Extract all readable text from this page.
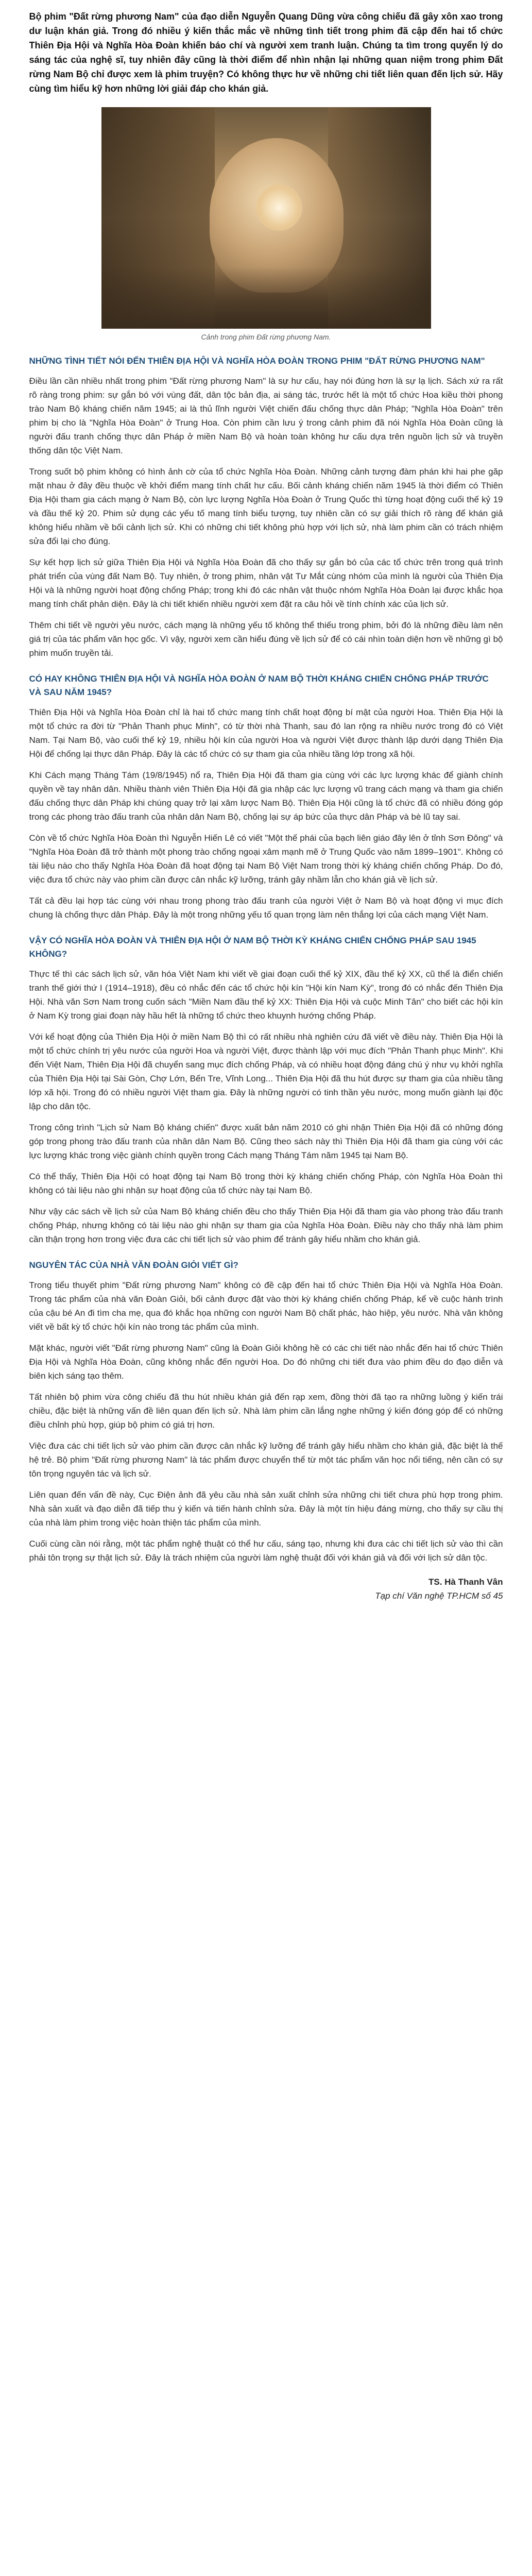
Bộ phim "Đất rừng phương Nam" của đạo diễn Nguyễn Quang Dũng vừa công chiếu đã gây xôn xao trong dư luận khán giả. Trong đó nhiều ý kiến thắc mắc về những tình tiết trong phim đã cập đến hai tổ chức Thiên Địa Hội và Nghĩa Hòa Đoàn khiến báo chí và người xem tranh luận. Chúng ta tìm trong quyển lý do sáng tác của nghệ sĩ, tuy nhiên đây cũng là thời điểm để nhìn nhận lại những quan niệm trong phim Đất rừng Nam Bộ chỉ được xem là phim truyện? Có không thực hư về những chi tiết liên quan đến lịch sử. Hãy cùng tìm hiểu kỹ hơn những lời giải đáp cho khán giả.

Cảnh trong phim Đất rừng phương Nam.
NHỮNG TÌNH TIẾT NÓI ĐẾN THIÊN ĐỊA HỘI VÀ NGHĨA HÒA ĐOÀN TRONG PHIM "ĐẤT RỪNG PHƯƠNG NAM"

Điều lần cần nhiều nhất trong phim "Đất rừng phương Nam" là sự hư cấu, hay nói đúng hơn là sự lạ lịch. Sách xứ ra rất rõ ràng trong phim: sự gắn bó với vùng đất, dân tộc bản địa, ai sáng tác, trước hết là một tổ chức Hoa kiều thời phong trào Nam Bộ kháng chiến năm 1945; ai là thủ lĩnh người Việt chiến đấu chống thực dân Pháp; "Nghĩa Hòa Đoàn" trên phim bị cho là "Nghĩa Hòa Đoàn" ở Trung Hoa. Còn phim cần lưu ý trong cảnh phim đã nói Nghĩa Hòa Đoàn cũng là người đấu tranh chống thực dân Pháp ở miền Nam Bộ và hoàn toàn không hư cấu dựa trên nguồn lịch sử và truyền thống dân tộc Việt Nam.

Trong suốt bộ phim không có hình ảnh cờ của tổ chức Nghĩa Hòa Đoàn. Những cảnh tượng đàm phán khi hai phe găp mặt nhau ở đây đều thuộc về khởi điểm mang tính chất hư cấu. Bối cảnh kháng chiến năm 1945 là thời điểm có Thiên Địa Hội tham gia cách mạng ở Nam Bộ, còn lực lượng Nghĩa Hòa Đoàn ở Trung Quốc thì từng hoạt động cuối thế kỷ 19 và đầu thế kỷ 20. Phim sử dụng các yếu tố mang tính biểu tượng, tuy nhiên cần có sự giải thích rõ ràng để khán giả không hiểu nhầm về bối cảnh lịch sử. Khi có những chi tiết không phù hợp với lịch sử, nhà làm phim cần có trách nhiệm sửa đổi lại cho đúng.

Sự kết hợp lịch sử giữa Thiên Địa Hội và Nghĩa Hòa Đoàn đã cho thấy sự gắn bó của các tổ chức trên trong quá trình phát triển của vùng đất Nam Bộ. Tuy nhiên, ở trong phim, nhân vật Tư Mắt cùng nhóm của mình là người của Thiên Địa Hội và là những người hoạt động chống Pháp; trong khi đó các nhân vật thuộc nhóm Nghĩa Hòa Đoàn lại được khắc họa mang tính chất phản diện. Đây là chi tiết khiến nhiều người xem đặt ra câu hỏi về tính chính xác của lịch sử.

Thêm chi tiết về người yêu nước, cách mạng là những yếu tố không thể thiếu trong phim, bởi đó là những điều làm nên giá trị của tác phẩm văn học gốc. Vì vậy, người xem cần hiểu đúng về lịch sử để có cái nhìn toàn diện hơn về những gì bộ phim muốn truyền tải.

CÓ HAY KHÔNG THIÊN ĐỊA HỘI VÀ NGHĨA HÒA ĐOÀN Ở NAM BỘ THỜI KHÁNG CHIẾN CHỐNG PHÁP TRƯỚC VÀ SAU NĂM 1945?

Thiên Địa Hội và Nghĩa Hòa Đoàn chỉ là hai tổ chức mang tính chất hoạt động bí mật của người Hoa. Thiên Địa Hội là một tổ chức ra đời từ "Phản Thanh phục Minh", có từ thời nhà Thanh, sau đó lan rộng ra nhiều nước trong đó có Việt Nam. Tại Nam Bộ, vào cuối thế kỷ 19, nhiều hội kín của người Hoa và người Việt được thành lập dưới dạng Thiên Địa Hội để chống lại thực dân Pháp. Đây là các tổ chức có sự tham gia của nhiều tầng lớp trong xã hội.

Khi Cách mạng Tháng Tám (19/8/1945) nổ ra, Thiên Địa Hội đã tham gia cùng với các lực lượng khác để giành chính quyền về tay nhân dân. Nhiều thành viên Thiên Địa Hội đã gia nhập các lực lượng vũ trang cách mạng và tham gia chiến đấu chống thực dân Pháp khi chúng quay trở lại xâm lược Nam Bộ. Thiên Địa Hội cũng là tổ chức đã có nhiều đóng góp trong các phong trào đấu tranh của nhân dân Nam Bộ, chống lại sự áp bức của thực dân Pháp và bè lũ tay sai.

Còn về tổ chức Nghĩa Hòa Đoàn thì Nguyễn Hiến Lê có viết "Một thế phái của bạch liên giáo đây lên ở tỉnh Sơn Đông" và "Nghĩa Hòa Đoàn đã trở thành một phong trào chống ngoại xâm mạnh mẽ ở Trung Quốc vào năm 1899–1901". Không có tài liệu nào cho thấy Nghĩa Hòa Đoàn đã hoạt động tại Nam Bộ Việt Nam trong thời kỳ kháng chiến chống Pháp. Do đó, việc đưa tổ chức này vào phim cần được cân nhắc kỹ lưỡng, tránh gây nhầm lẫn cho khán giả về lịch sử.

Tất cả đều lại hợp tác cùng với nhau trong phong trào đấu tranh của người Việt ở Nam Bộ và hoạt động vì mục đích chung là chống thực dân Pháp. Đây là một trong những yếu tố quan trọng làm nên thắng lợi của cách mạng Việt Nam.

VẬY CÓ NGHĨA HÒA ĐOÀN VÀ THIÊN ĐỊA HỘI Ở NAM BỘ THỜI KỲ KHÁNG CHIẾN CHỐNG PHÁP SAU 1945 KHÔNG?

Thực tế thì các sách lịch sử, văn hóa Việt Nam khi viết về giai đoạn cuối thế kỷ XIX, đầu thế kỷ XX, cũ thể là điển chiến tranh thế giới thứ I (1914–1918), đều có nhắc đến các tổ chức hội kín "Hội kín Nam Kỳ", trong đó có nhắc đến Thiên Địa Hội. Nhà văn Sơn Nam trong cuốn sách "Miền Nam đầu thế kỷ XX: Thiên Địa Hội và cuộc Minh Tân" cho biết các hội kín ở Nam Kỳ trong giai đoạn này hầu hết là những tổ chức theo khuynh hướng chống Pháp.

Với kể hoạt động của Thiên Địa Hội ở miền Nam Bộ thì có rất nhiều nhà nghiên cứu đã viết về điều này. Thiên Địa Hội là một tổ chức chính trị yêu nước của người Hoa và người Việt, được thành lập với mục đích "Phản Thanh phục Minh". Khi đến Việt Nam, Thiên Địa Hội đã chuyển sang mục đích chống Pháp, và có nhiều hoạt động đáng chú ý như vụ khởi nghĩa của Thiên Địa Hội tại Sài Gòn, Chợ Lớn, Bến Tre, Vĩnh Long... Thiên Địa Hội đã thu hút được sự tham gia của nhiều tầng lớp xã hội. Trong đó có nhiều người Việt tham gia. Đây là những người có tinh thần yêu nước, mong muốn giành lại độc lập cho dân tộc.

Trong công trình "Lịch sử Nam Bộ kháng chiến" được xuất bản năm 2010 có ghi nhận Thiên Địa Hội đã có những đóng góp trong phong trào đấu tranh của nhân dân Nam Bộ. Cũng theo sách này thì Thiên Địa Hội đã tham gia cùng với các lực lượng khác trong việc giành chính quyền trong Cách mạng Tháng Tám năm 1945 tại Nam Bộ.

Có thể thấy, Thiên Địa Hội có hoạt động tại Nam Bộ trong thời kỳ kháng chiến chống Pháp, còn Nghĩa Hòa Đoàn thì không có tài liệu nào ghi nhận sự hoạt động của tổ chức này tại Nam Bộ.

Như vậy các sách về lịch sử của Nam Bộ kháng chiến đều cho thấy Thiên Địa Hội đã tham gia vào phong trào đấu tranh chống Pháp, nhưng không có tài liệu nào ghi nhận sự tham gia của Nghĩa Hòa Đoàn. Điều này cho thấy nhà làm phim cần thận trọng hơn trong việc đưa các chi tiết lịch sử vào phim để tránh gây hiểu nhầm cho khán giả.

NGUYÊN TÁC CỦA NHÀ VĂN ĐOÀN GIỎI VIẾT GÌ?

Trong tiểu thuyết phim "Đất rừng phương Nam" không có đề cập đến hai tổ chức Thiên Địa Hội và Nghĩa Hòa Đoàn. Trong tác phẩm của nhà văn Đoàn Giỏi, bối cảnh được đặt vào thời kỳ kháng chiến chống Pháp, kể về cuộc hành trình của cậu bé An đi tìm cha mẹ, qua đó khắc họa những con người Nam Bộ chất phác, hào hiệp, yêu nước. Nhà văn không viết về bất kỳ tổ chức hội kín nào trong tác phẩm của mình.

Mặt khác, người viết "Đất rừng phương Nam" cũng là Đoàn Giỏi không hề có các chi tiết nào nhắc đến hai tổ chức Thiên Địa Hội và Nghĩa Hòa Đoàn, cũng không nhắc đến người Hoa. Do đó những chi tiết đưa vào phim đều do đạo diễn và biên kịch sáng tạo thêm.

Tất nhiên bộ phim vừa công chiếu đã thu hút nhiều khán giả đến rạp xem, đồng thời đã tạo ra những luồng ý kiến trái chiều, đặc biệt là những vấn đề liên quan đến lịch sử. Nhà làm phim cần lắng nghe những ý kiến đóng góp để có những điều chỉnh phù hợp, giúp bộ phim có giá trị hơn.

Việc đưa các chi tiết lịch sử vào phim cần được cân nhắc kỹ lưỡng để tránh gây hiểu nhầm cho khán giả, đặc biệt là thế hệ trẻ. Bộ phim "Đất rừng phương Nam" là tác phẩm được chuyển thể từ một tác phẩm văn học nổi tiếng, nên cần có sự tôn trọng nguyên tác và lịch sử.

Liên quan đến vấn đề này, Cục Điện ảnh đã yêu cầu nhà sản xuất chỉnh sửa những chi tiết chưa phù hợp trong phim. Nhà sản xuất và đạo diễn đã tiếp thu ý kiến và tiến hành chỉnh sửa. Đây là một tín hiệu đáng mừng, cho thấy sự cầu thị của nhà làm phim trong việc hoàn thiện tác phẩm của mình.

Cuối cùng cần nói rằng, một tác phẩm nghệ thuật có thể hư cấu, sáng tạo, nhưng khi đưa các chi tiết lịch sử vào thì cần phải tôn trọng sự thật lịch sử. Đây là trách nhiệm của người làm nghệ thuật đối với khán giả và đối với lịch sử dân tộc.

TS. Hà Thanh Vân
Tạp chí Văn nghệ TP.HCM số 45
